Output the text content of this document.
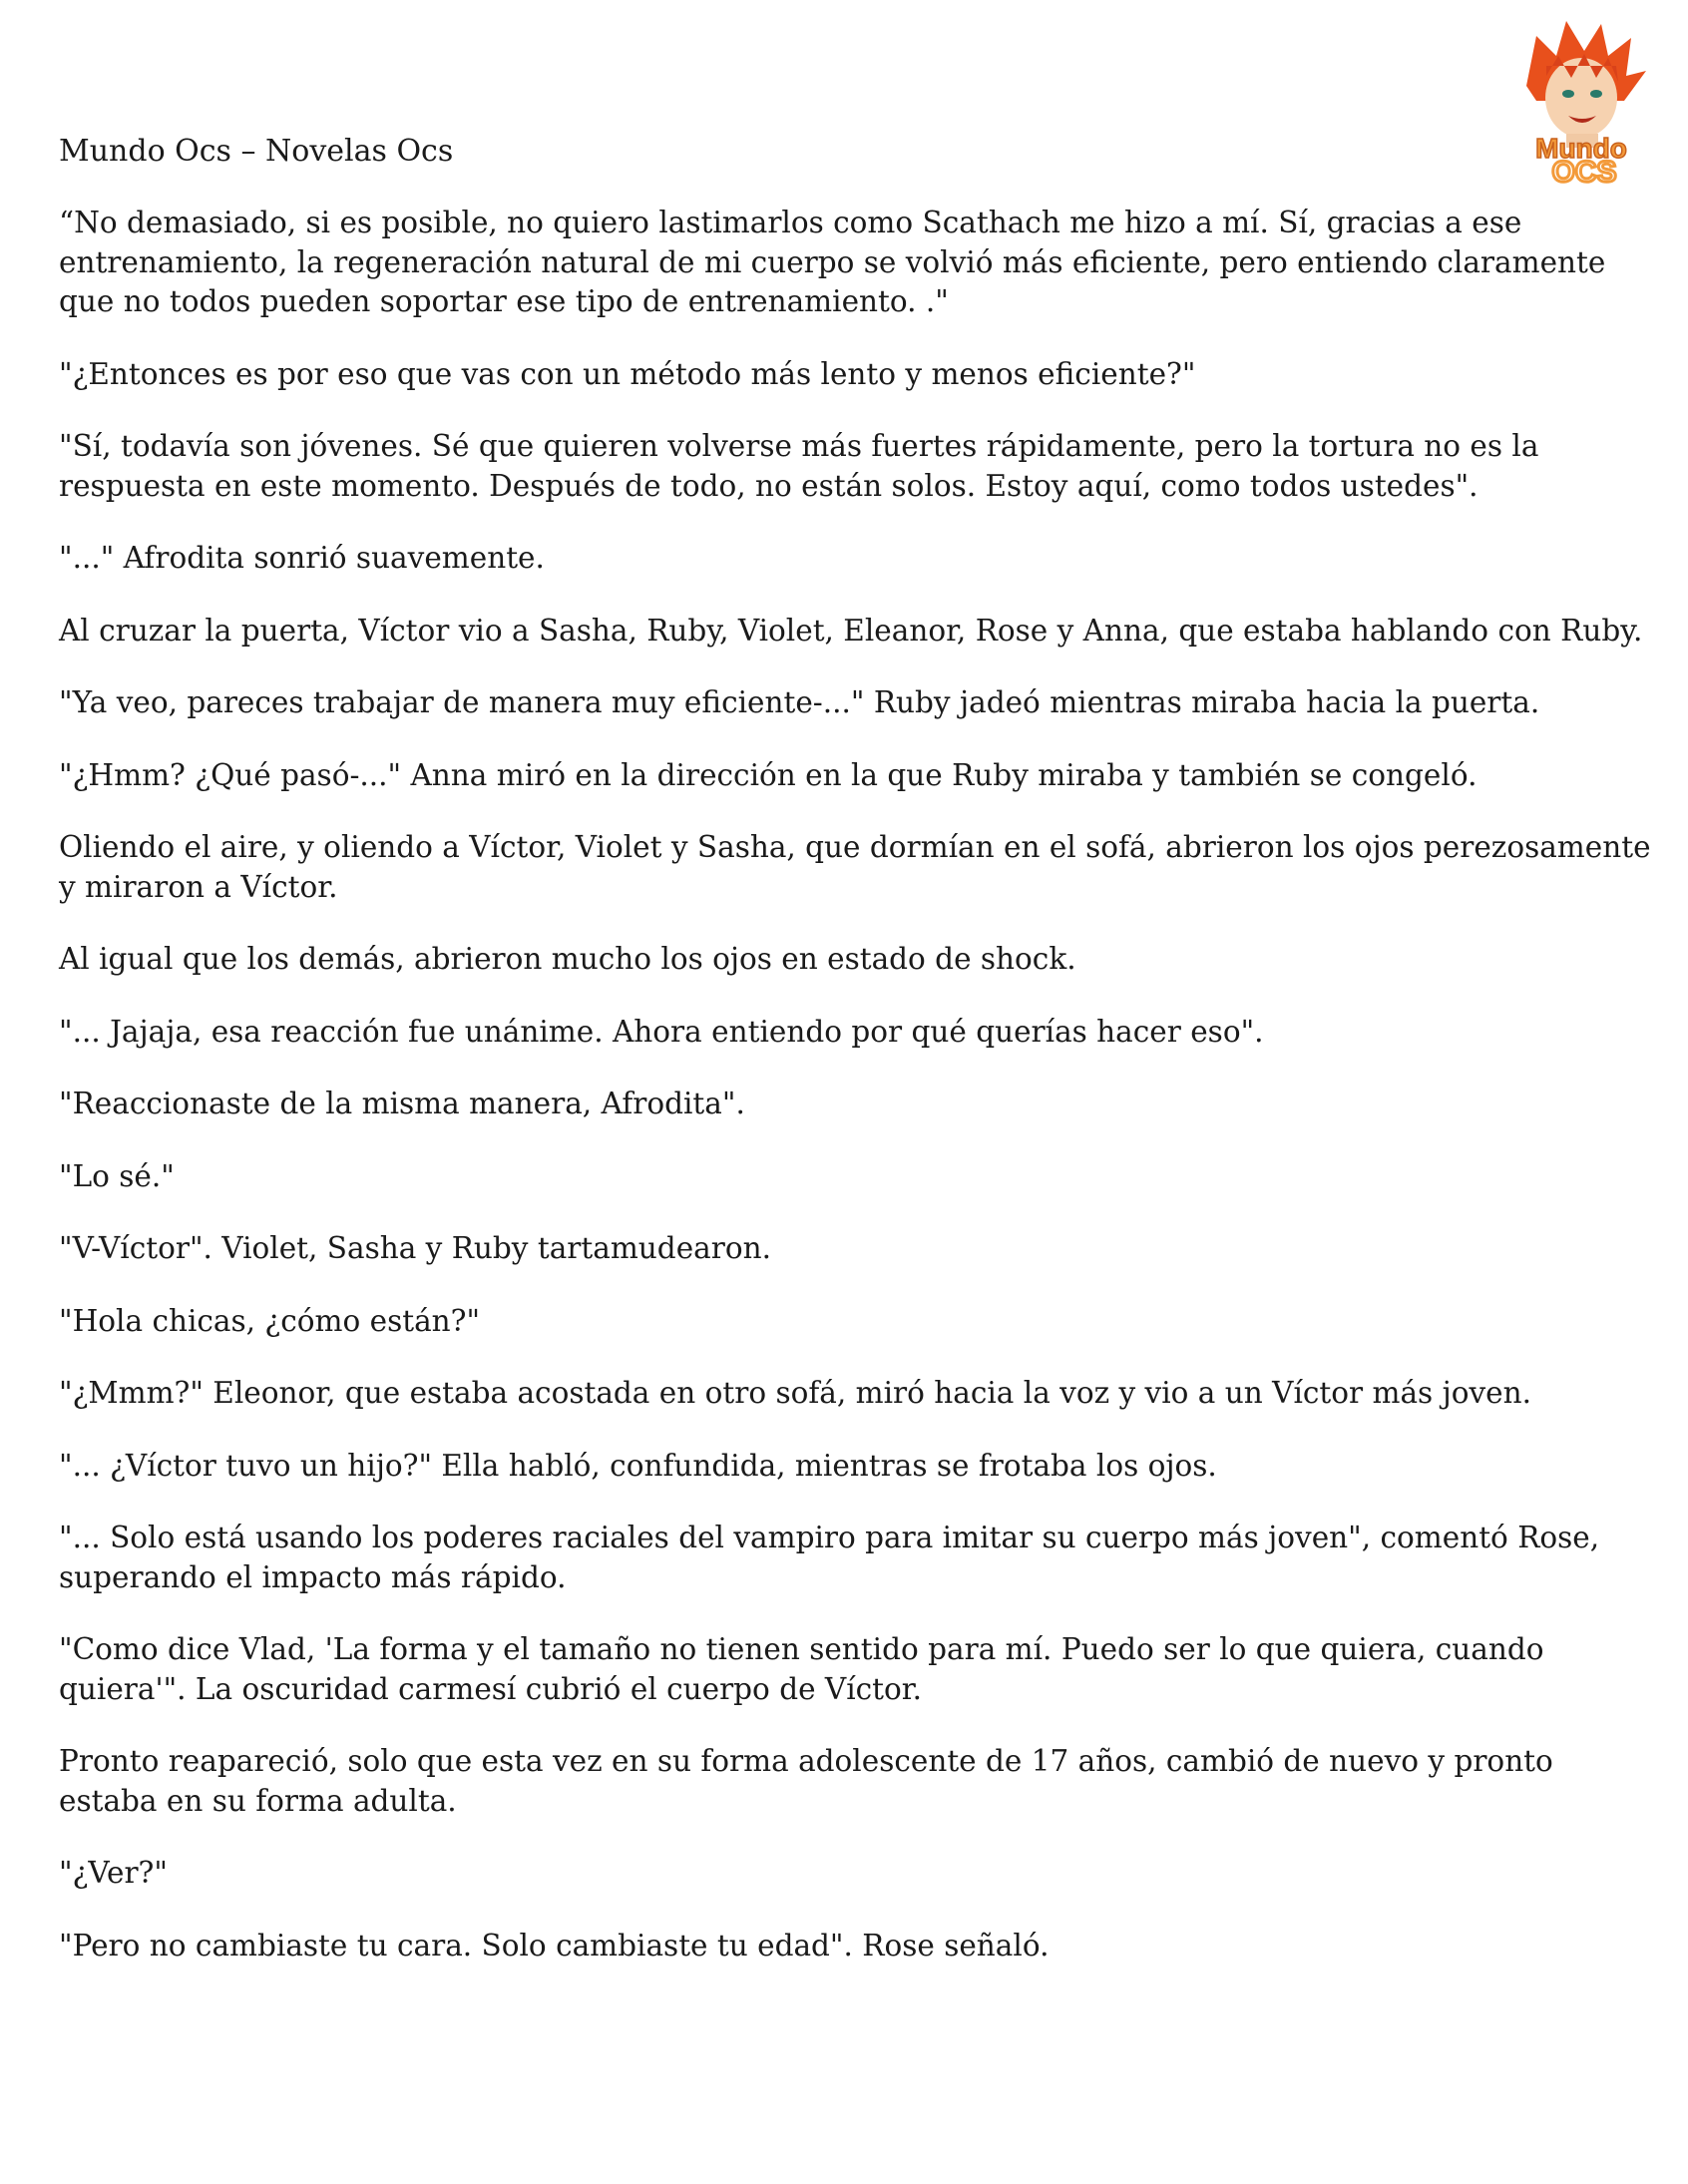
Mundo
OCS
Mundo Ocs – Novelas Ocs

“No demasiado, si es posible, no quiero lastimarlos como Scathach me hizo a mí. Sí, gracias a ese entrenamiento, la regeneración natural de mi cuerpo se volvió más eficiente, pero entiendo claramente que no todos pueden soportar ese tipo de entrenamiento. ."

"¿Entonces es por eso que vas con un método más lento y menos eficiente?"

"Sí, todavía son jóvenes. Sé que quieren volverse más fuertes rápidamente, pero la tortura no es la respuesta en este momento. Después de todo, no están solos. Estoy aquí, como todos ustedes".

"..." Afrodita sonrió suavemente.

Al cruzar la puerta, Víctor vio a Sasha, Ruby, Violet, Eleanor, Rose y Anna, que estaba hablando con Ruby.

"Ya veo, pareces trabajar de manera muy eficiente-..." Ruby jadeó mientras miraba hacia la puerta.

"¿Hmm? ¿Qué pasó-..." Anna miró en la dirección en la que Ruby miraba y también se congeló.

Oliendo el aire, y oliendo a Víctor, Violet y Sasha, que dormían en el sofá, abrieron los ojos perezosamente y miraron a Víctor.

Al igual que los demás, abrieron mucho los ojos en estado de shock.

"... Jajaja, esa reacción fue unánime. Ahora entiendo por qué querías hacer eso".

"Reaccionaste de la misma manera, Afrodita".

"Lo sé."

"V-Víctor". Violet, Sasha y Ruby tartamudearon.

"Hola chicas, ¿cómo están?"

"¿Mmm?" Eleonor, que estaba acostada en otro sofá, miró hacia la voz y vio a un Víctor más joven.

"... ¿Víctor tuvo un hijo?" Ella habló, confundida, mientras se frotaba los ojos.

"... Solo está usando los poderes raciales del vampiro para imitar su cuerpo más joven", comentó Rose, superando el impacto más rápido.

"Como dice Vlad, 'La forma y el tamaño no tienen sentido para mí. Puedo ser lo que quiera, cuando quiera'". La oscuridad carmesí cubrió el cuerpo de Víctor.

Pronto reapareció, solo que esta vez en su forma adolescente de 17 años, cambió de nuevo y pronto estaba en su forma adulta.

"¿Ver?"

"Pero no cambiaste tu cara. Solo cambiaste tu edad". Rose señaló.
